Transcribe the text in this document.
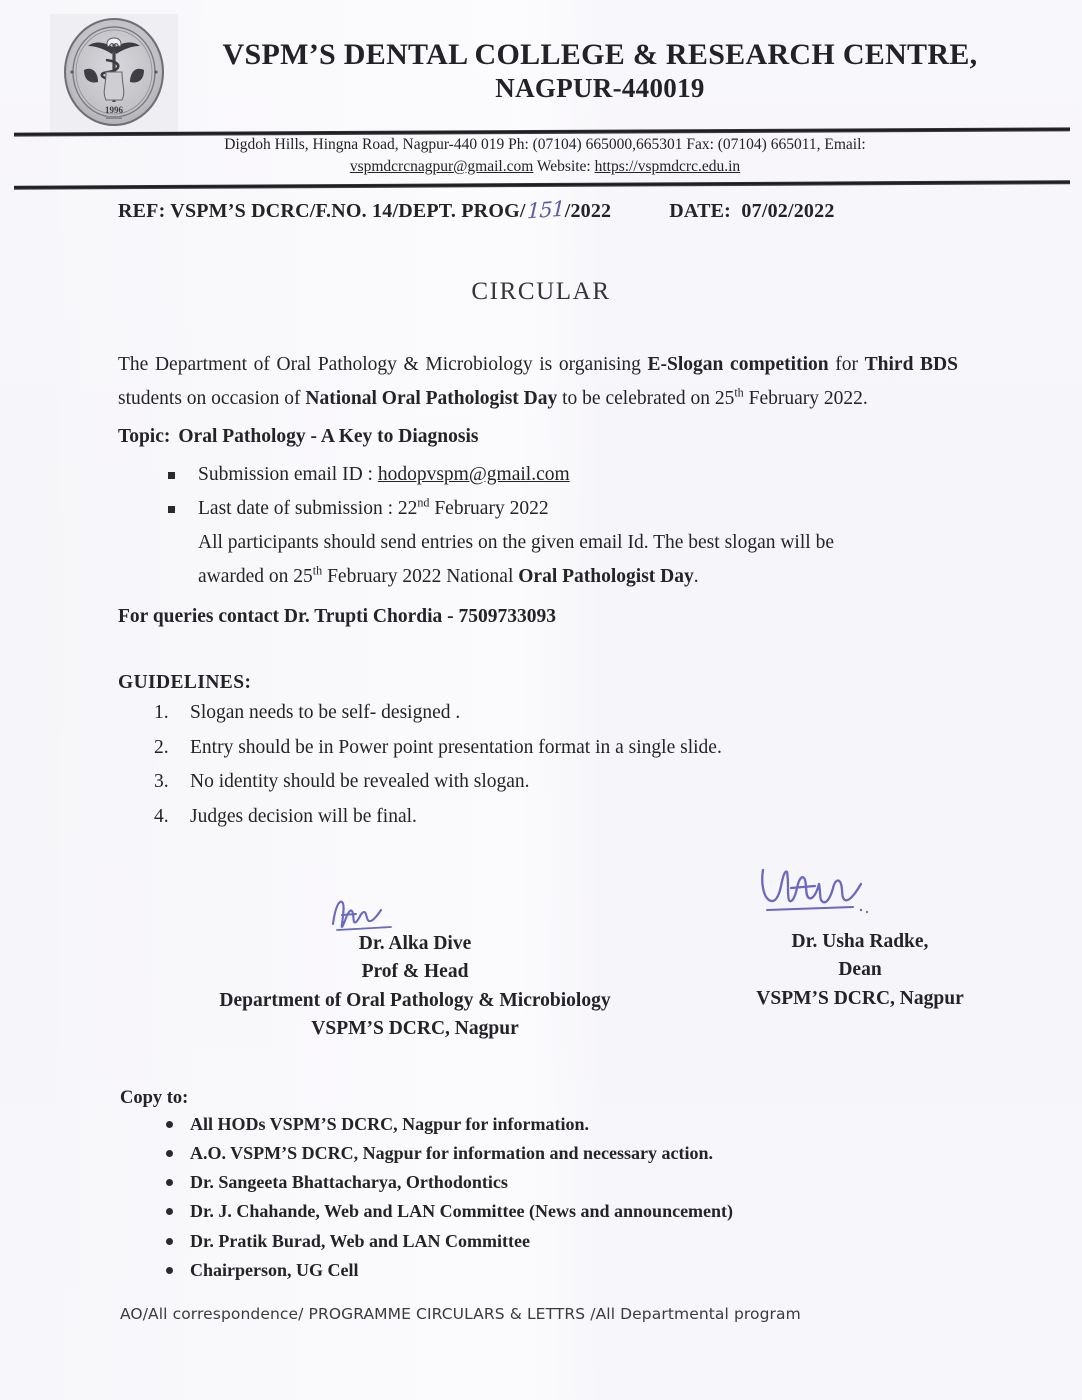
1996
VSPM’S DENTAL COLLEGE & RESEARCH CENTRE,
NAGPUR-440019
Digdoh Hills, Hingna Road, Nagpur-440 019 Ph: (07104) 665000,665301 Fax: (07104) 665011, Email:
vspmdcrcnagpur@gmail.com Website: https://vspmdcrc.edu.in
REF: VSPM’S DCRC/F.NO. 14/DEPT. PROG/151/2022	DATE: 07/02/2022
CIRCULAR

The Department of Oral Pathology & Microbiology is organising E-Slogan competition for Third BDS students on occasion of National Oral Pathologist Day to be celebrated on 25th February 2022.

Topic: Oral Pathology - A Key to Diagnosis
Submission email ID : hodopvspm@gmail.com
Last date of submission : 22nd February 2022
All participants should send entries on the given email Id. The best slogan will be
awarded on 25th February 2022 National Oral Pathologist Day.
For queries contact Dr. Trupti Chordia - 7509733093
GUIDELINES:
Slogan needs to be self- designed .
Entry should be in Power point presentation format in a single slide.
No identity should be revealed with slogan.
Judges decision will be final.
Dr. Alka Dive
Prof & Head
Department of Oral Pathology & Microbiology
VSPM’S DCRC, Nagpur
Dr. Usha Radke,
Dean
VSPM’S DCRC, Nagpur
Copy to:
All HODs VSPM’S DCRC, Nagpur for information.
A.O. VSPM’S DCRC, Nagpur for information and necessary action.
Dr. Sangeeta Bhattacharya, Orthodontics
Dr. J. Chahande, Web and LAN Committee (News and announcement)
Dr. Pratik Burad, Web and LAN Committee
Chairperson, UG Cell
AO/All correspondence/ PROGRAMME CIRCULARS & LETTRS /All Departmental program
